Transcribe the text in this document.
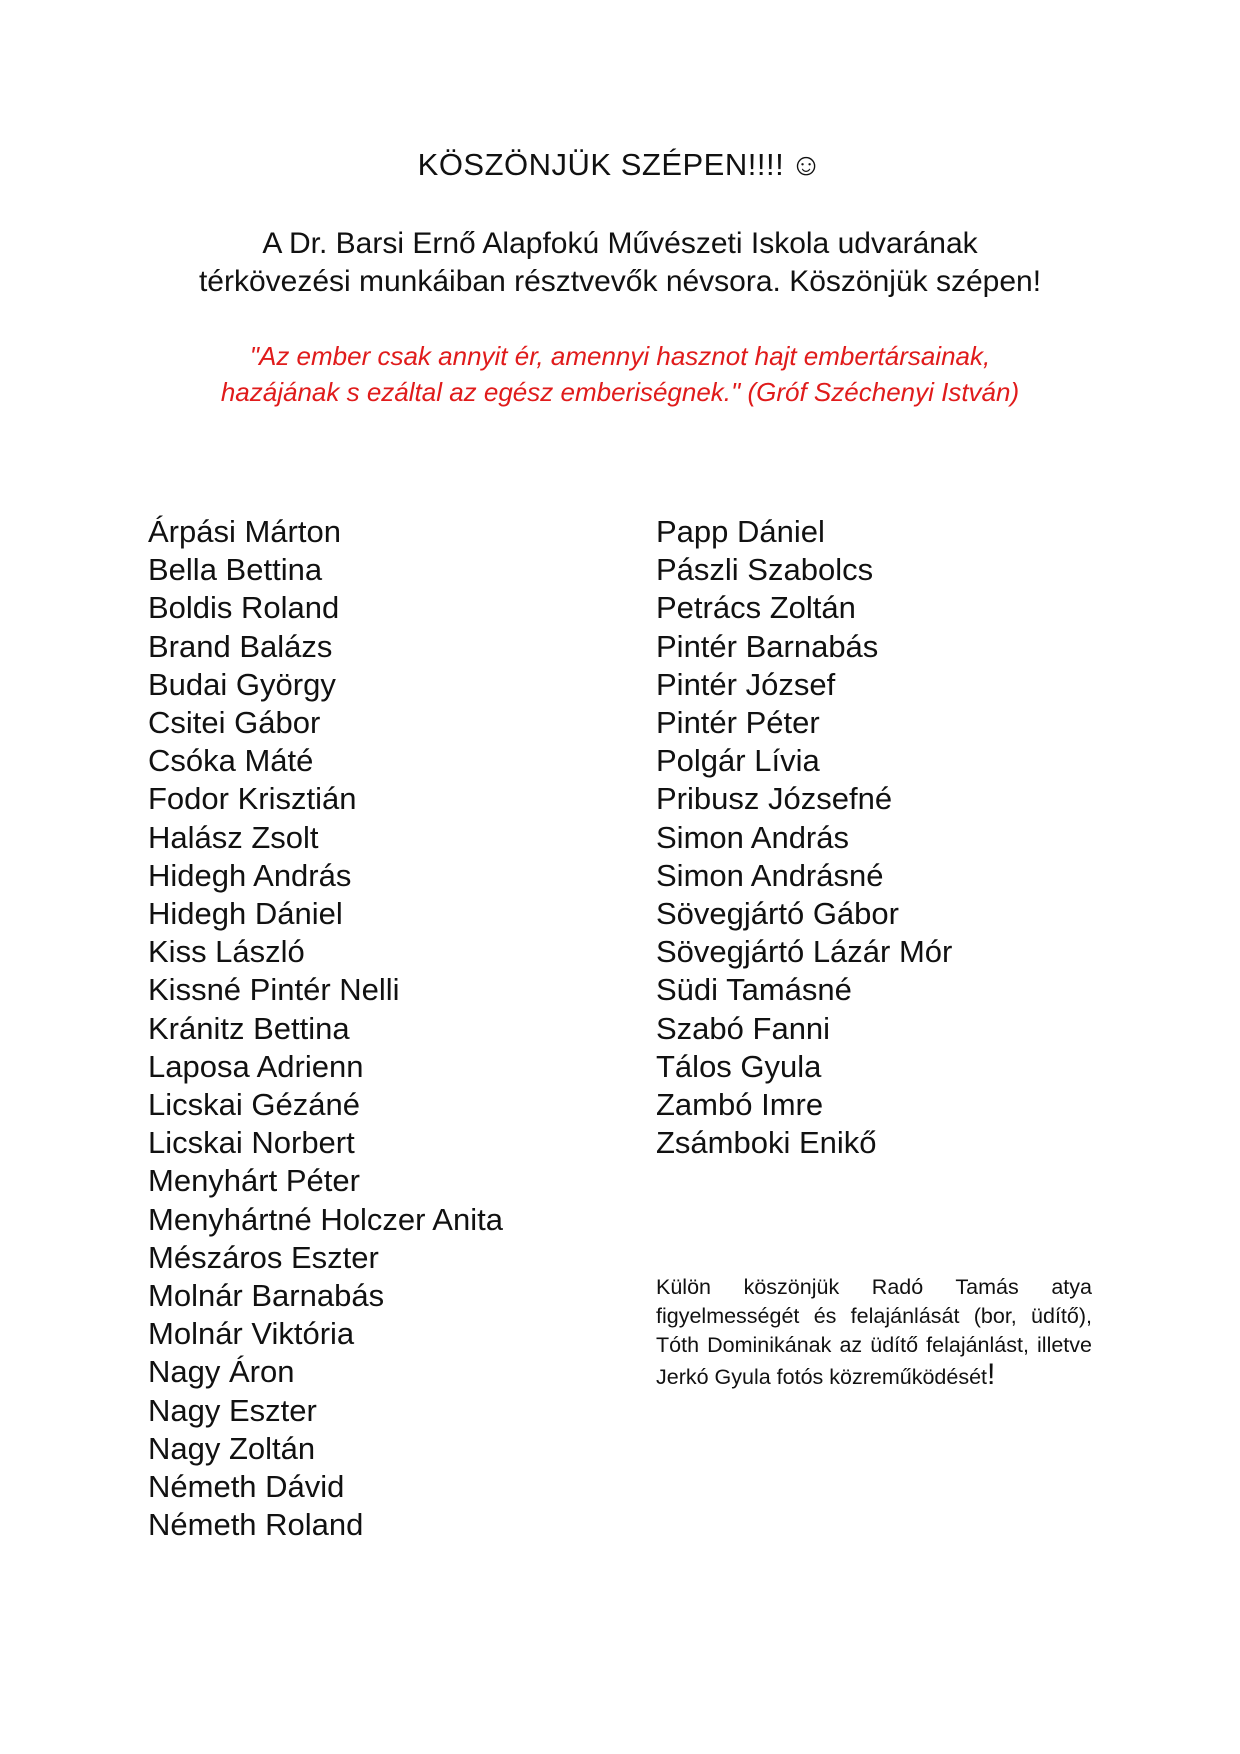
KÖSZÖNJÜK SZÉPEN!!!! ☺
A Dr. Barsi Ernő Alapfokú Művészeti Iskola udvarának
térkövezési munkáiban résztvevők névsora. Köszönjük szépen!
"Az ember csak annyit ér, amennyi hasznot hajt embertársainak,
hazájának s ezáltal az egész emberiségnek." (Gróf Széchenyi István)
Árpási Márton
Bella Bettina
Boldis Roland
Brand Balázs
Budai György
Csitei Gábor
Csóka Máté
Fodor Krisztián
Halász Zsolt
Hidegh András
Hidegh Dániel
Kiss László
Kissné Pintér Nelli
Kránitz Bettina
Laposa Adrienn
Licskai Gézáné
Licskai Norbert
Menyhárt Péter
Menyhártné Holczer Anita
Mészáros Eszter
Molnár Barnabás
Molnár Viktória
Nagy Áron
Nagy Eszter
Nagy Zoltán
Németh Dávid
Németh Roland
Papp Dániel
Pászli Szabolcs
Petrács Zoltán
Pintér Barnabás
Pintér József
Pintér Péter
Polgár Lívia
Pribusz Józsefné
Simon András
Simon Andrásné
Sövegjártó Gábor
Sövegjártó Lázár Mór
Südi Tamásné
Szabó Fanni
Tálos Gyula
Zambó Imre
Zsámboki Enikő
Külön köszönjük Radó Tamás atya figyelmességét és felajánlását (bor, üdítő), Tóth Dominikának az üdítő felajánlást, illetve Jerkó Gyula fotós közreműködését!
